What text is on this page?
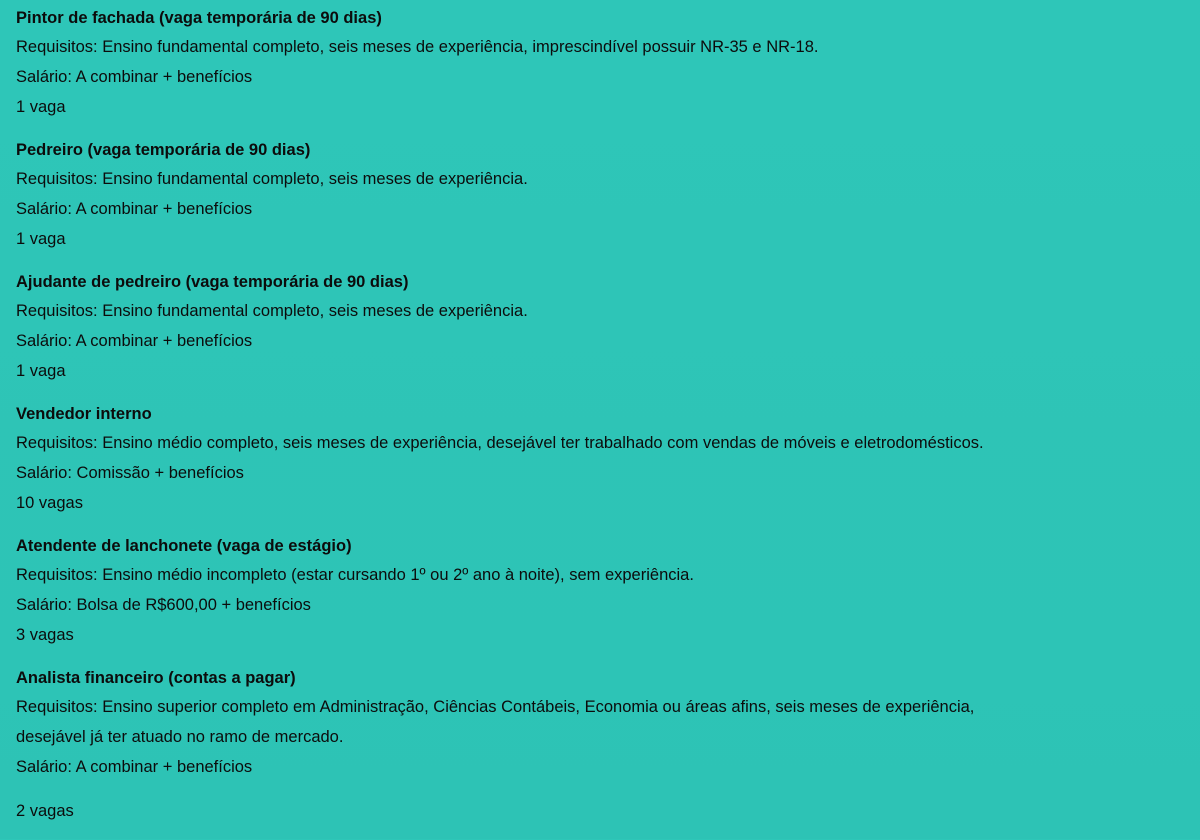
Pintor de fachada (vaga temporária de 90 dias)
Requisitos: Ensino fundamental completo, seis meses de experiência, imprescindível possuir NR-35 e NR-18.
Salário: A combinar + benefícios
1 vaga
Pedreiro (vaga temporária de 90 dias)
Requisitos: Ensino fundamental completo, seis meses de experiência.
Salário: A combinar + benefícios
1 vaga
Ajudante de pedreiro (vaga temporária de 90 dias)
Requisitos: Ensino fundamental completo, seis meses de experiência.
Salário: A combinar + benefícios
1 vaga
Vendedor interno
Requisitos: Ensino médio completo, seis meses de experiência, desejável ter trabalhado com vendas de móveis e eletrodomésticos.
Salário: Comissão + benefícios
10 vagas
Atendente de lanchonete (vaga de estágio)
Requisitos: Ensino médio incompleto (estar cursando 1º ou 2º ano à noite), sem experiência.
Salário: Bolsa de R$600,00 + benefícios
3 vagas
Analista financeiro (contas a pagar)
Requisitos: Ensino superior completo em Administração, Ciências Contábeis, Economia ou áreas afins, seis meses de experiência,
desejável já ter atuado no ramo de mercado.
Salário: A combinar + benefícios
2 vagas
